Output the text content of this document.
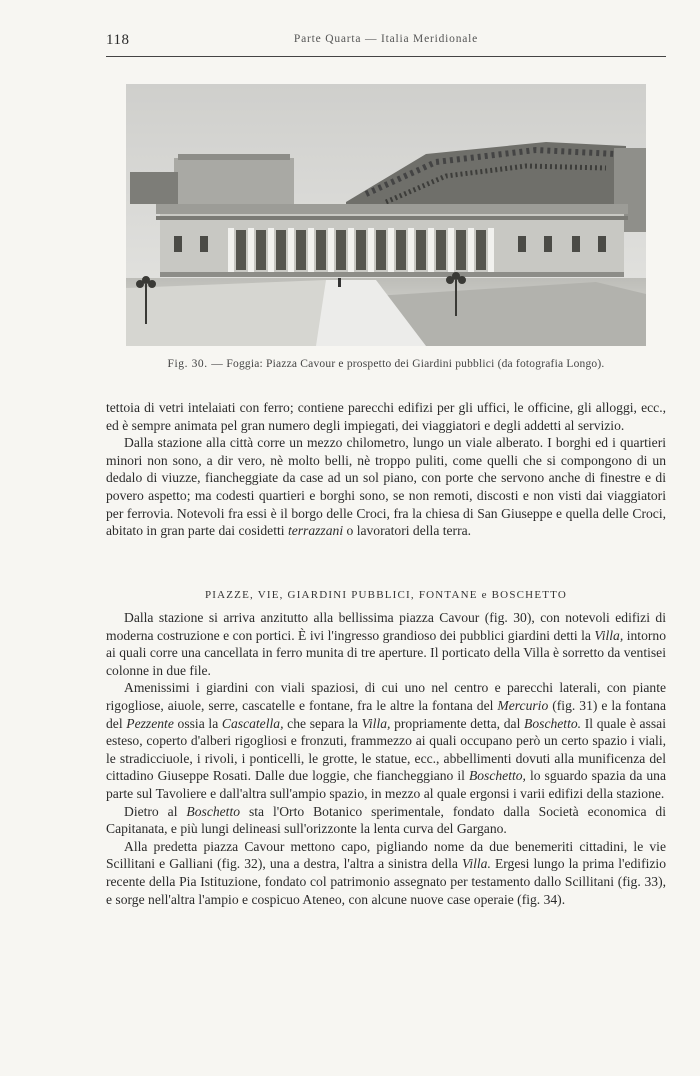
118	Parte Quarta — Italia Meridionale
Fig. 30. — Foggia: Piazza Cavour e prospetto dei Giardini pubblici (da fotografia Longo).

tettoia di vetri intelaiati con ferro; contiene parecchi edifizi per gli uffici, le officine, gli alloggi, ecc., ed è sempre animata pel gran numero degli impiegati, dei viaggiatori e degli addetti al servizio.

Dalla stazione alla città corre un mezzo chilometro, lungo un viale alberato. I borghi ed i quartieri minori non sono, a dir vero, nè molto belli, nè troppo puliti, come quelli che si compongono di un dedalo di viuzze, fiancheggiate da case ad un sol piano, con porte che servono anche di finestre e di povero aspetto; ma codesti quartieri e borghi sono, se non remoti, discosti e non visti dai viaggiatori per ferrovia. Notevoli fra essi è il borgo delle Croci, fra la chiesa di San Giuseppe e quella delle Croci, abitato in gran parte dai cosidetti terrazzani o lavoratori della terra.

PIAZZE, VIE, GIARDINI PUBBLICI, FONTANE e BOSCHETTO

Dalla stazione si arriva anzitutto alla bellissima piazza Cavour (fig. 30), con notevoli edifizi di moderna costruzione e con portici. È ivi l'ingresso grandioso dei pubblici giardini detti la Villa, intorno ai quali corre una cancellata in ferro munita di tre aperture. Il porticato della Villa è sorretto da ventisei colonne in due file.

Amenissimi i giardini con viali spaziosi, di cui uno nel centro e parecchi laterali, con piante rigogliose, aiuole, serre, cascatelle e fontane, fra le altre la fontana del Mercurio (fig. 31) e la fontana del Pezzente ossia la Cascatella, che separa la Villa, propriamente detta, dal Boschetto. Il quale è assai esteso, coperto d'alberi rigogliosi e fronzuti, frammezzo ai quali occupano però un certo spazio i viali, le stradicciuole, i rivoli, i ponticelli, le grotte, le statue, ecc., abbellimenti dovuti alla munificenza del cittadino Giuseppe Rosati. Dalle due loggie, che fiancheggiano il Boschetto, lo sguardo spazia da una parte sul Tavoliere e dall'altra sull'ampio spazio, in mezzo al quale ergonsi i varii edifizi della stazione.

Dietro al Boschetto sta l'Orto Botanico sperimentale, fondato dalla Società economica di Capitanata, e più lungi delineasi sull'orizzonte la lenta curva del Gargano.

Alla predetta piazza Cavour mettono capo, pigliando nome da due benemeriti cittadini, le vie Scillitani e Galliani (fig. 32), una a destra, l'altra a sinistra della Villa. Ergesi lungo la prima l'edifizio recente della Pia Istituzione, fondato col patrimonio assegnato per testamento dallo Scillitani (fig. 33), e sorge nell'altra l'ampio e cospicuo Ateneo, con alcune nuove case operaie (fig. 34).
